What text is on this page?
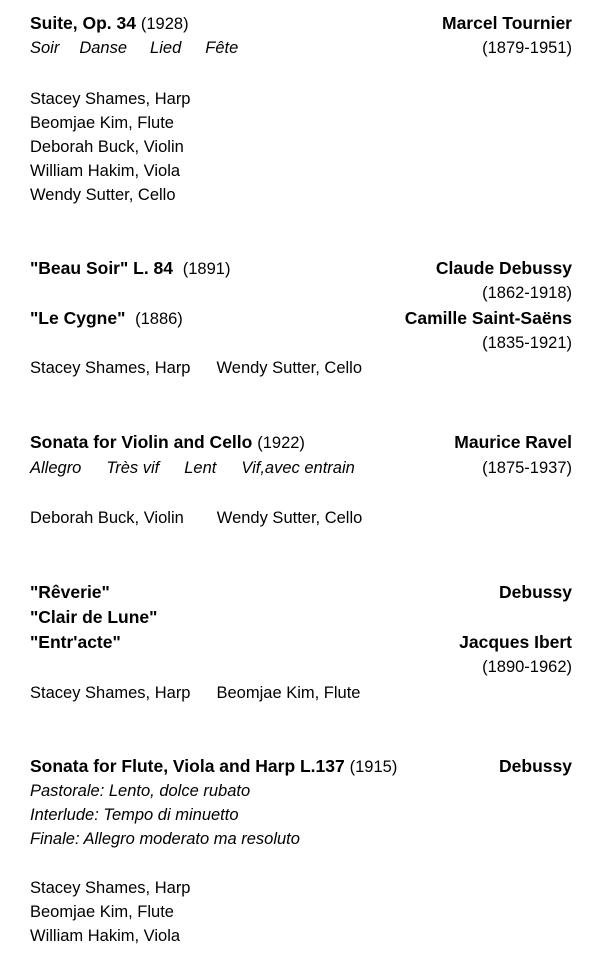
Suite, Op. 34 (1928)	Marcel Tournier
Soir Danse Lied Fête	(1879-1951)
Stacey Shames, Harp
Beomjae Kim, Flute
Deborah Buck, Violin
William Hakim, Viola
Wendy Sutter, Cello
"Beau Soir" L. 84 (1891)	Claude Debussy
(1862-1918)
"Le Cygne" (1886)	Camille Saint-Saëns
(1835-1921)
Stacey Shames, Harp Wendy Sutter, Cello
Sonata for Violin and Cello (1922)	Maurice Ravel
Allegro Très vif Lent Vif,avec entrain	(1875-1937)
Deborah Buck, Violin Wendy Sutter, Cello
"Rêverie"	Debussy
"Clair de Lune"
"Entr'acte"	Jacques Ibert
(1890-1962)
Stacey Shames, Harp Beomjae Kim, Flute
Sonata for Flute, Viola and Harp L.137 (1915)	Debussy
Pastorale: Lento, dolce rubato
Interlude: Tempo di minuetto
Finale: Allegro moderato ma resoluto
Stacey Shames, Harp
Beomjae Kim, Flute
William Hakim, Viola
